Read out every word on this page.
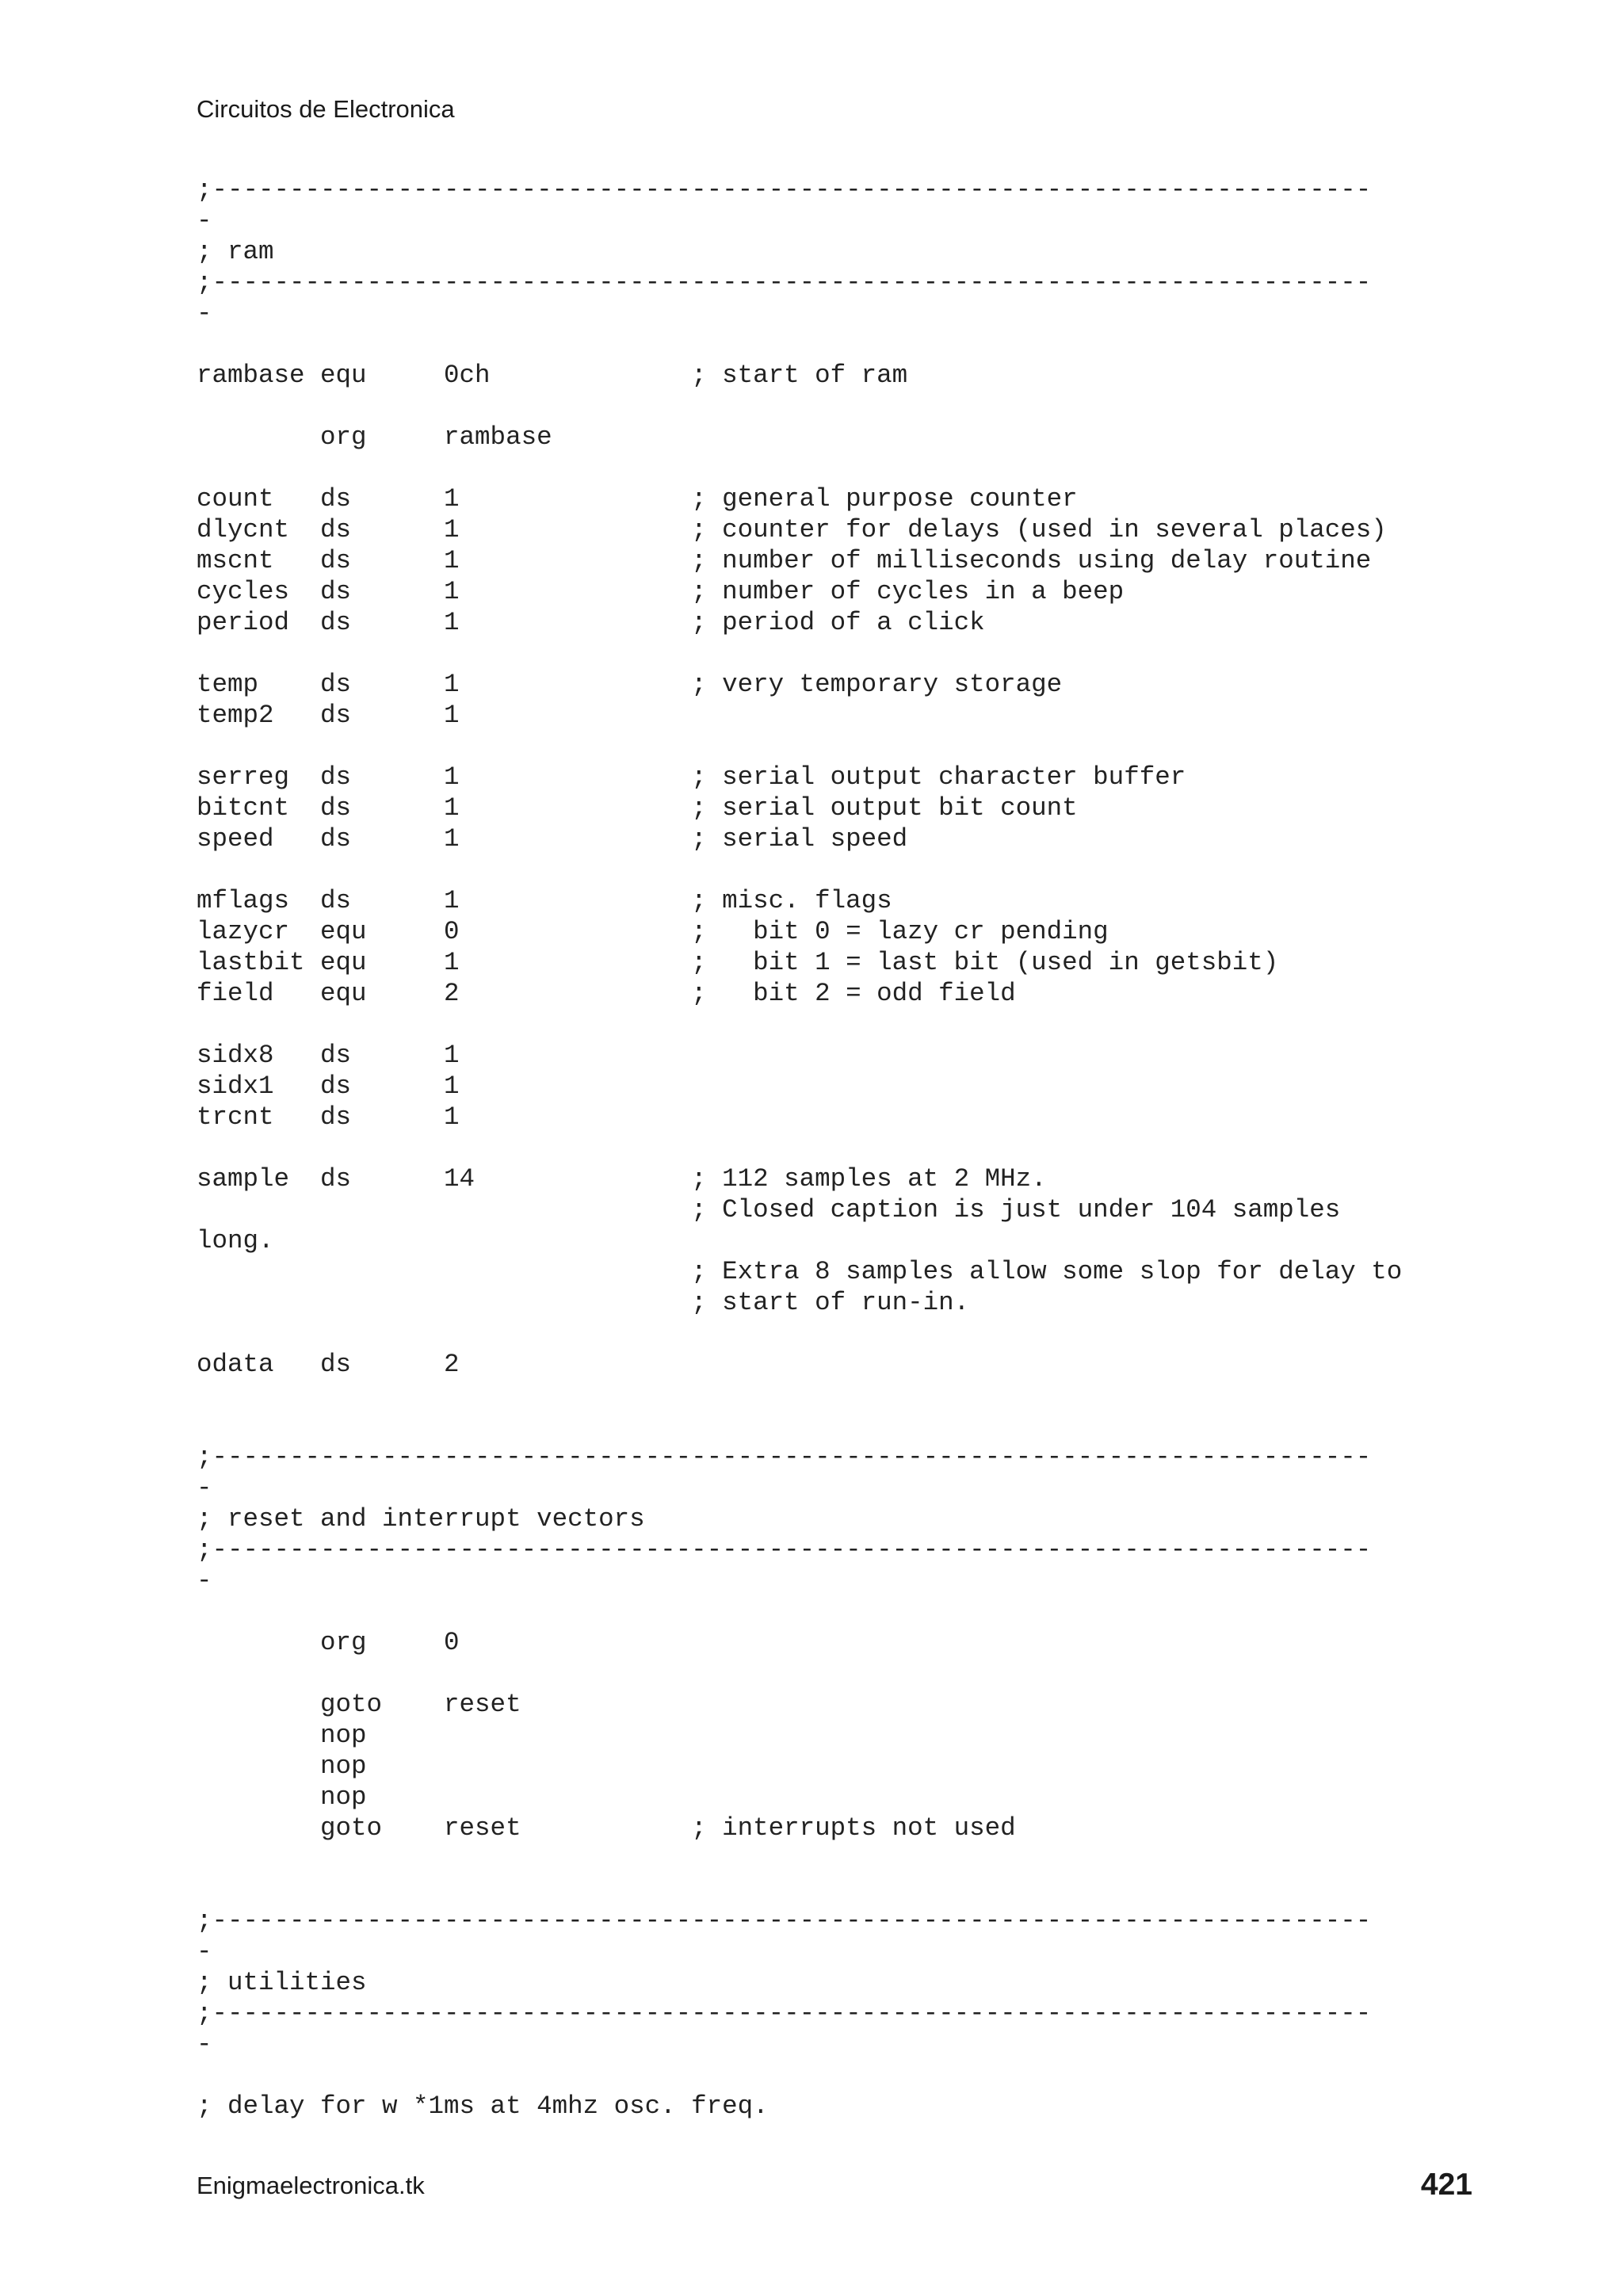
Circuitos de Electronica
;---------------------------------------------------------------------------
-
; ram
;---------------------------------------------------------------------------
-
rambase equ     0ch             ; start of ram
org     rambase
count   ds      1               ; general purpose counter
dlycnt  ds      1               ; counter for delays (used in several places)
mscnt   ds      1               ; number of milliseconds using delay routine
cycles  ds      1               ; number of cycles in a beep
period  ds      1               ; period of a click
temp    ds      1               ; very temporary storage
temp2   ds      1
serreg  ds      1               ; serial output character buffer
bitcnt  ds      1               ; serial output bit count
speed   ds      1               ; serial speed
mflags  ds      1               ; misc. flags
lazycr  equ     0               ;   bit 0 = lazy cr pending
lastbit equ     1               ;   bit 1 = last bit (used in getsbit)
field   equ     2               ;   bit 2 = odd field
sidx8   ds      1
sidx1   ds      1
trcnt   ds      1
sample  ds      14              ; 112 samples at 2 MHz.
; Closed caption is just under 104 samples
long.
; Extra 8 samples allow some slop for delay to
; start of run-in.
odata   ds      2
;---------------------------------------------------------------------------
-
; reset and interrupt vectors
;---------------------------------------------------------------------------
-
org     0
goto    reset
nop
nop
nop
goto    reset           ; interrupts not used
;---------------------------------------------------------------------------
-
; utilities
;---------------------------------------------------------------------------
-
; delay for w *1ms at 4mhz osc. freq.
Enigmaelectronica.tk	421
